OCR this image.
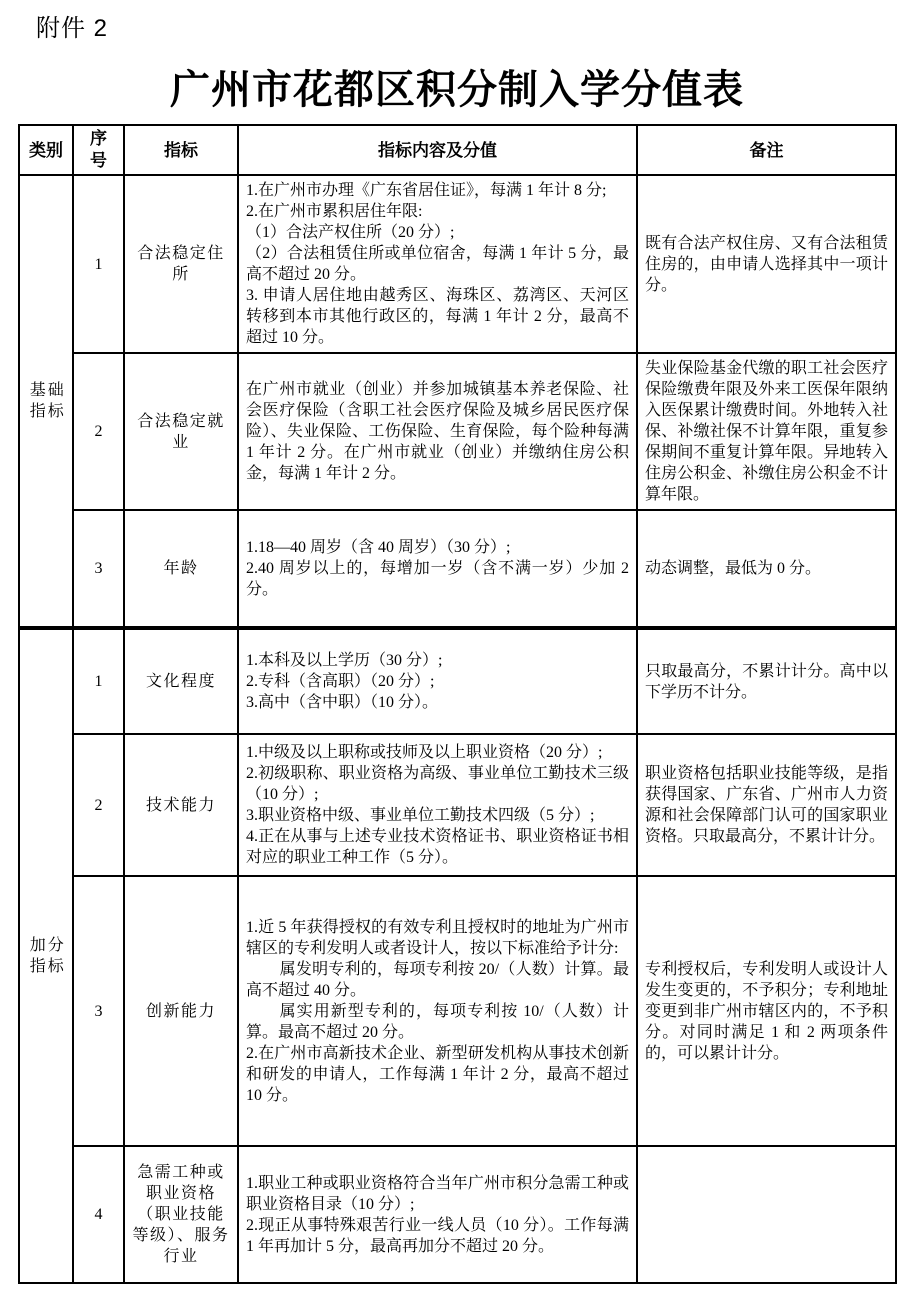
附件 2
广州市花都区积分制入学分值表
类别	序号	指标	指标内容及分值	备注

基础指标	1	合法稳定住所	1.在广州市办理《广东省居住证》，每满 1 年计 8 分;

2.在广州市累积居住年限:

（1）合法产权住所（20 分）;

（2）合法租赁住所或单位宿舍，每满 1 年计 5 分，最高不超过 20 分。

3. 申请人居住地由越秀区、海珠区、荔湾区、天河区转移到本市其他行政区的，每满 1 年计 2 分，最高不超过 10 分。	既有合法产权住房、又有合法租赁住房的，由申请人选择其中一项计分。

	2	合法稳定就业	在广州市就业（创业）并参加城镇基本养老保险、社会医疗保险（含职工社会医疗保险及城乡居民医疗保险）、失业保险、工伤保险、生育保险，每个险种每满 1 年计 2 分。在广州市就业（创业）并缴纳住房公积金，每满 1 年计 2 分。	失业保险基金代缴的职工社会医疗保险缴费年限及外来工医保年限纳入医保累计缴费时间。外地转入社保、补缴社保不计算年限，重复参保期间不重复计算年限。异地转入住房公积金、补缴住房公积金不计算年限。

	3	年龄	1.18—40 周岁（含 40 周岁）（30 分）;

2.40 周岁以上的，每增加一岁（含不满一岁）少加 2 分。	动态调整，最低为 0 分。

加分指标	1	文化程度	1.本科及以上学历（30 分）;

2.专科（含高职）（20 分）;

3.高中（含中职）（10 分）。	只取最高分，不累计计分。高中以下学历不计分。

	2	技术能力	1.中级及以上职称或技师及以上职业资格（20 分）;

2.初级职称、职业资格为高级、事业单位工勤技术三级（10 分）;

3.职业资格中级、事业单位工勤技术四级（5 分）;

4.正在从事与上述专业技术资格证书、职业资格证书相对应的职业工种工作（5 分）。	职业资格包括职业技能等级，是指获得国家、广东省、广州市人力资源和社会保障部门认可的国家职业资格。只取最高分，不累计计分。

	3	创新能力	1.近 5 年获得授权的有效专利且授权时的地址为广州市辖区的专利发明人或者设计人，按以下标准给予计分:

属发明专利的，每项专利按 20/（人数）计算。最高不超过 40 分。

属实用新型专利的，每项专利按 10/（人数）计算。最高不超过 20 分。

2.在广州市高新技术企业、新型研发机构从事技术创新和研发的申请人，工作每满 1 年计 2 分，最高不超过 10 分。	专利授权后，专利发明人或设计人发生变更的，不予积分；专利地址变更到非广州市辖区内的，不予积分。对同时满足 1 和 2 两项条件的，可以累计计分。

	4	急需工种或职业资格（职业技能等级）、服务行业	1.职业工种或职业资格符合当年广州市积分急需工种或职业资格目录（10 分）;

2.现正从事特殊艰苦行业一线人员（10 分）。工作每满 1 年再加计 5 分，最高再加分不超过 20 分。	
